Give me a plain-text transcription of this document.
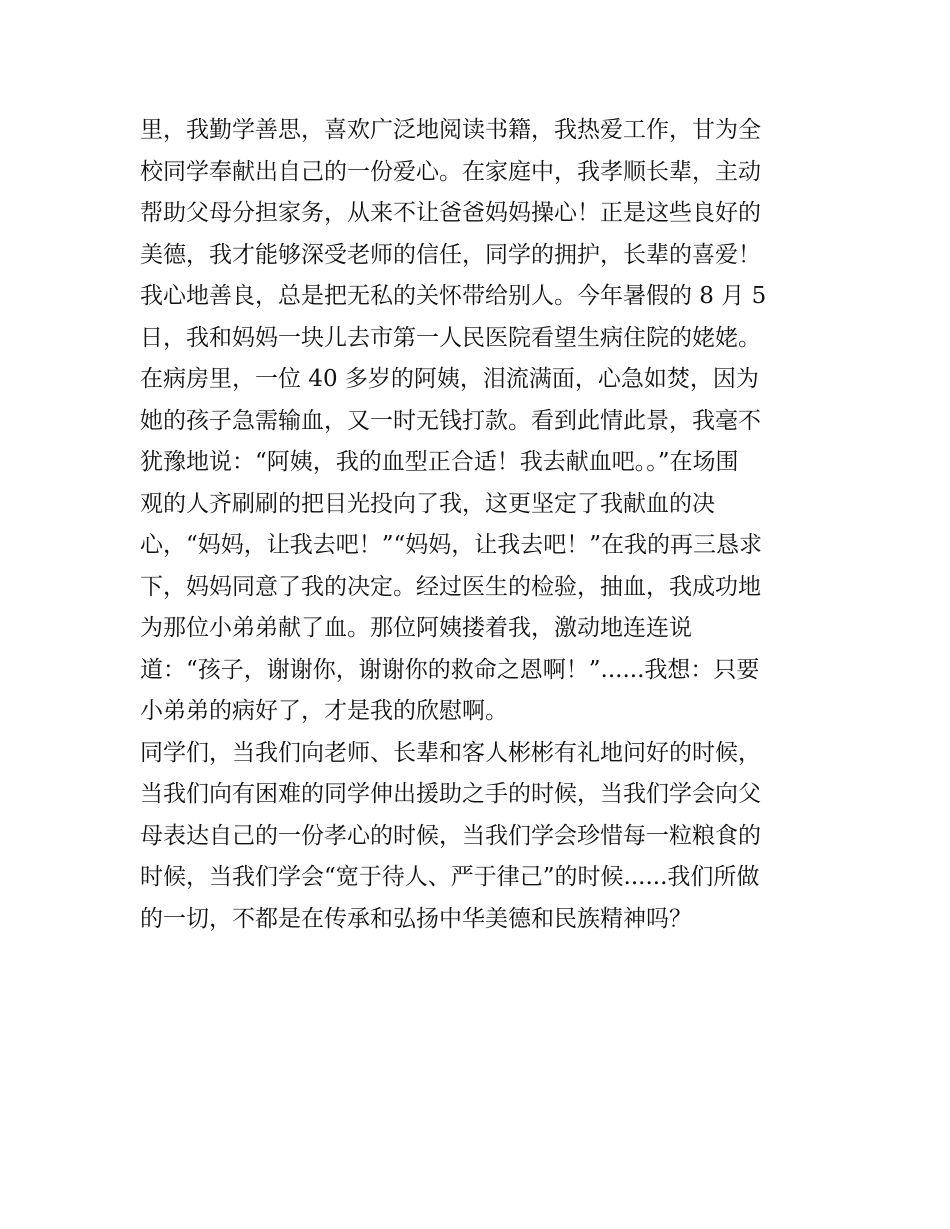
里，我勤学善思，喜欢广泛地阅读书籍，我热爱工作，甘为全
校同学奉献出自己的一份爱心。在家庭中，我孝顺长辈，主动
帮助父母分担家务，从来不让爸爸妈妈操心！正是这些良好的
美德，我才能够深受老师的信任，同学的拥护，长辈的喜爱！
我心地善良，总是把无私的关怀带给别人。今年暑假的 8 月 5
日，我和妈妈一块儿去市第一人民医院看望生病住院的姥姥。
在病房里，一位 40 多岁的阿姨，泪流满面，心急如焚，因为
她的孩子急需输血，又一时无钱打款。看到此情此景，我毫不
犹豫地说：“阿姨，我的血型正合适！我去献血吧。。”在场围
观的人齐刷刷的把目光投向了我，这更坚定了我献血的决
心，“妈妈，让我去吧！”“妈妈，让我去吧！”在我的再三恳求
下，妈妈同意了我的决定。经过医生的检验，抽血，我成功地
为那位小弟弟献了血。那位阿姨搂着我，激动地连连说
道：“孩子，谢谢你，谢谢你的救命之恩啊！”......我想：只要
小弟弟的病好了，才是我的欣慰啊。
同学们，当我们向老师、长辈和客人彬彬有礼地问好的时候，
当我们向有困难的同学伸出援助之手的时候，当我们学会向父
母表达自己的一份孝心的时候，当我们学会珍惜每一粒粮食的
时候，当我们学会“宽于待人、严于律己”的时候......我们所做
的一切，不都是在传承和弘扬中华美德和民族精神吗？
